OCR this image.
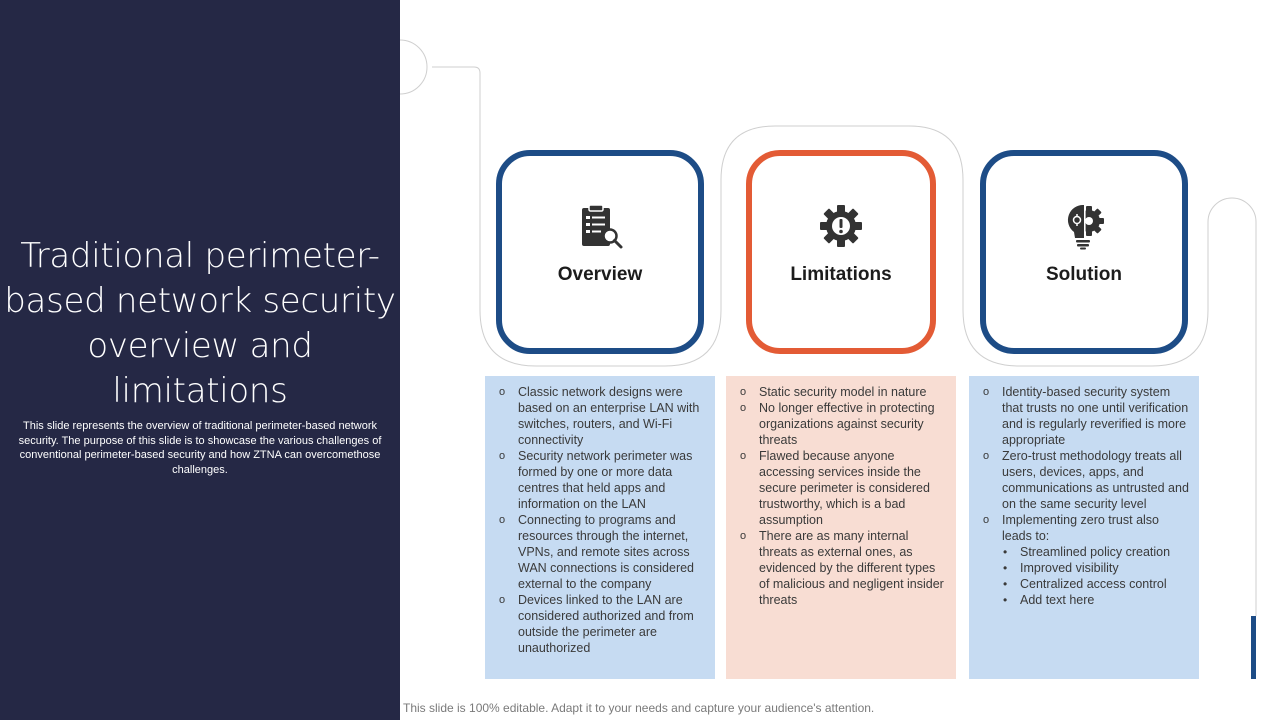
Traditional perimeter-based network security overview and limitations
This slide represents the overview of traditional perimeter-based network security. The purpose of this slide is to showcase the various challenges of conventional perimeter-based security and how ZTNA can overcomethose challenges.
Overview	Limitations	Solution
o Classic network designs were based on an enterprise LAN with switches, routers, and Wi-Fi connectivity
o Security network perimeter was formed by one or more data centres that held apps and information on the LAN
o Connecting to programs and resources through the internet, VPNs, and remote sites across WAN connections is considered external to the company
o Devices linked to the LAN are considered authorized and from outside the perimeter are unauthorized
o Static security model in nature
o No longer effective in protecting organizations against security threats
o Flawed because anyone accessing services inside the secure perimeter is considered trustworthy, which is a bad assumption
o There are as many internal threats as external ones, as evidenced by the different types of malicious and negligent insider threats
o Identity-based security system that trusts no one until verification and is regularly reverified is more appropriate
o Zero-trust methodology treats all users, devices, apps, and communications as untrusted and on the same security level
o Implementing zero trust also leads to:
• Streamlined policy creation
• Improved visibility
• Centralized access control
• Add text here
This slide is 100% editable. Adapt it to your needs and capture your audience's attention.
